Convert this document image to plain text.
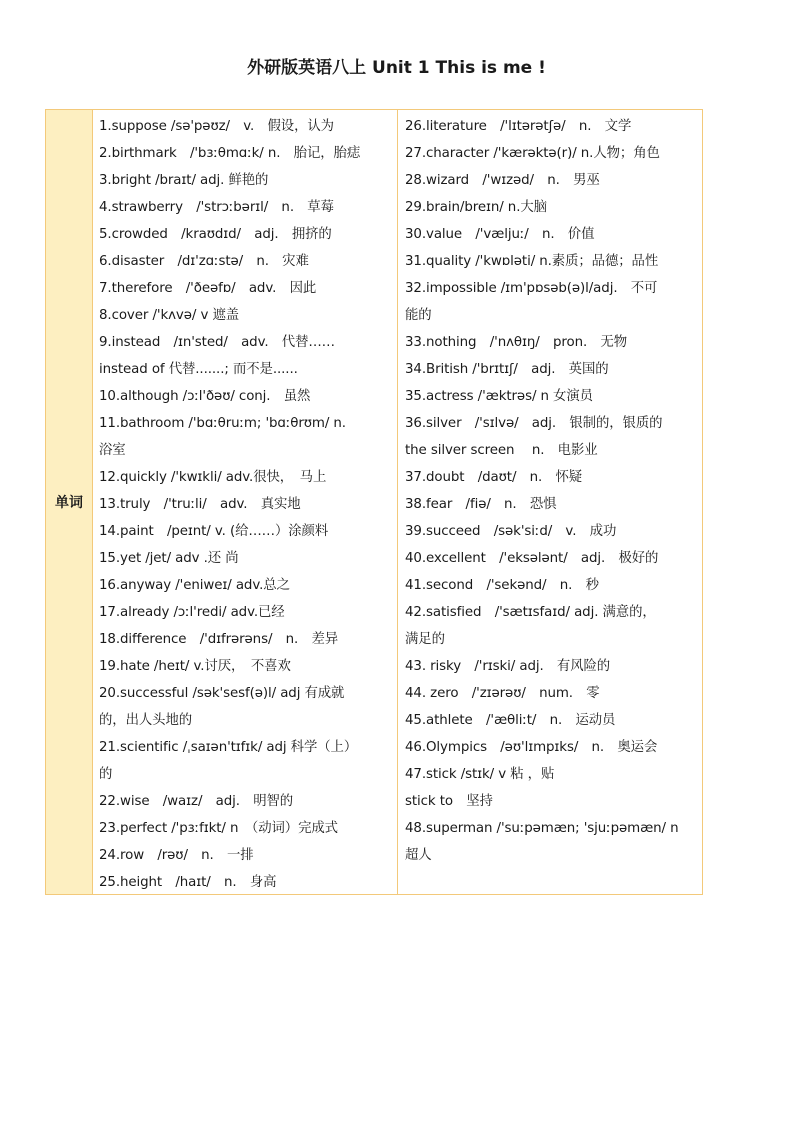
外研版英语八上 Unit 1 This is me !
单词
1.suppose /sə'pəʊz/　v.　假设，认为
2.birthmark　/'bɜːθmɑːk/ n.　胎记，胎痣
3.bright /braɪt/ adj. 鲜艳的
4.strawberry　/'strɔːbərɪl/　n.　草莓
5.crowded　/kraʊdɪd/　adj.　拥挤的
6.disaster　/dɪ'zɑːstə/　n.　灾难
7.therefore　/'ðeəfɒ/　adv.　因此
8.cover /'kʌvə/ v 遮盖
9.instead　/ɪn'sted/　adv.　代替……
instead of 代替.......; 而不是......
10.although /ɔːl'ðəʊ/ conj.　虽然
11.bathroom /'bɑːθruːm; 'bɑːθrʊm/ n.
浴室
12.quickly /'kwɪkli/ adv.很快，　马上
13.truly　/'truːli/　adv.　真实地
14.paint　/peɪnt/ v. (给……）涂颜料
15.yet /jet/ adv .还 尚
16.anyway /'eniweɪ/ adv.总之
17.already /ɔːl'redi/ adv.已经
18.difference　/'dɪfrərəns/　n.　差异
19.hate /heɪt/ v.讨厌，　不喜欢
20.successful /sək'sesf(ə)l/ adj 有成就
的，出人头地的
21.scientific /ˌsaɪən'tɪfɪk/ adj 科学（上）
的
22.wise　/waɪz/　adj.　明智的
23.perfect /'pɜːfɪkt/ n　（动词）完成式
24.row　/rəʊ/　n.　一排
25.height　/haɪt/　n.　身高
26.literature　/'lɪtərətʃə/　n.　文学
27.character /'kærəktə(r)/ n.人物；角色
28.wizard　/'wɪzəd/　n.　男巫
29.brain/breɪn/ n.大脑
30.value　/'væljuː/　n.　价值
31.quality /'kwɒləti/ n.素质；品德；品性
32.impossible /ɪm'pɒsəb(ə)l/adj.　不可
能的
33.nothing　/'nʌθɪŋ/　pron.　无物
34.British /'brɪtɪʃ/　adj.　英国的
35.actress /'æktrəs/ n 女演员
36.silver　/'sɪlvə/　adj.　银制的，银质的
the silver screen　 n.　电影业
37.doubt　/daʊt/　n.　怀疑
38.fear　/fiə/　n.　恐惧
39.succeed　/sək'siːd/　v.　成功
40.excellent　/'eksələnt/　adj.　极好的
41.second　/'sekənd/　n.　秒
42.satisfied　/'sætɪsfaɪd/ adj. 满意的，
满足的
43. risky　/'rɪski/ adj.　有风险的
44. zero　/'zɪərəʊ/　num.　零
45.athlete　/'æθliːt/　n.　运动员
46.Olympics　/əʊ'lɪmpɪks/　n.　奥运会
47.stick /stɪk/ v 粘 ，贴
stick to　坚持
48.superman /'suːpəmæn; 'sjuːpəmæn/ n
超人
